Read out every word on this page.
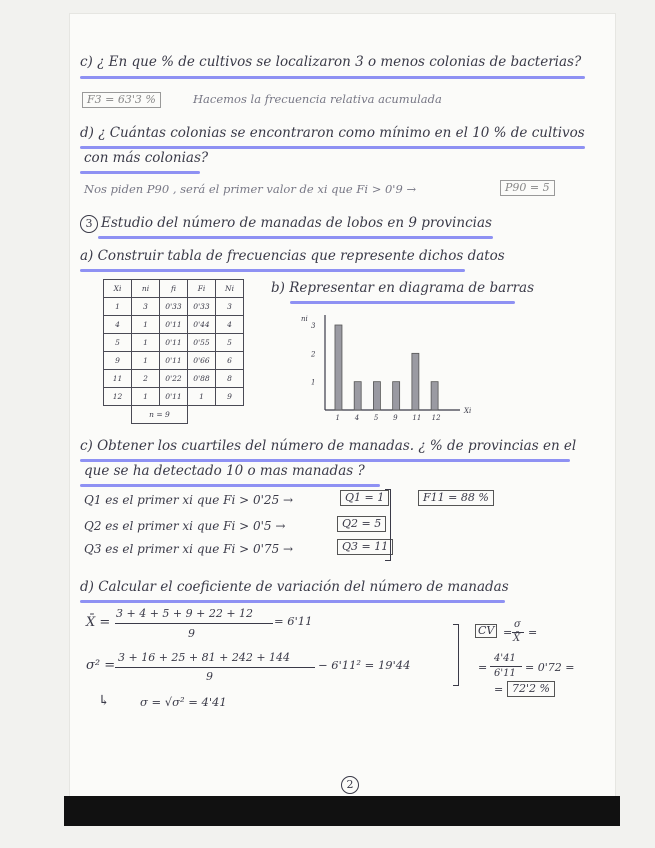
c) ¿ En que % de cultivos se localizaron 3 o menos colonias de bacterias?
F3 = 63'3 %	Hacemos la frecuencia relativa acumulada
d) ¿ Cuántas colonias se encontraron como mínimo en el 10 % de cultivos
con más colonias?
Nos piden P90 , será el primer valor de xi que Fi > 0'9 →	P90 = 5
3 Estudio del número de manadas de lobos en 9 provincias
a) Construir tabla de frecuencias que represente dichos datos
Xi	ni	fi	Fi	Ni
1	3	0'33	0'33	3
4	1	0'11	0'44	4
5	1	0'11	0'55	5
9	1	0'11	0'66	6
11	2	0'22	0'88	8
12	1	0'11	1	9
	n = 9			
b) Representar en diagrama de barras
1
2
3
ni
Xi
1 4 5 9 11 12
c) Obtener los cuartiles del número de manadas. ¿ % de provincias en el
que se ha detectado 10 o mas manadas ?
Q1 es el primer xi que Fi > 0'25 →	Q1 = 1
Q2 es el primer xi que Fi > 0'5 →	Q2 = 5
Q3 es el primer xi que Fi > 0'75 →	Q3 = 11
F11 = 88 %
d) Calcular el coeficiente de variación del número de manadas
X̄ =
3 + 4 + 5 + 9 + 22 + 12
9
= 6'11
σ² =
3 + 16 + 25 + 81 + 242 + 144
9
− 6'11² = 19'44
↳	σ = √σ² = 4'41
CV =
σ
X̄ =
=
4'41
6'11 = 0'72 =
= 72'2 %
2
